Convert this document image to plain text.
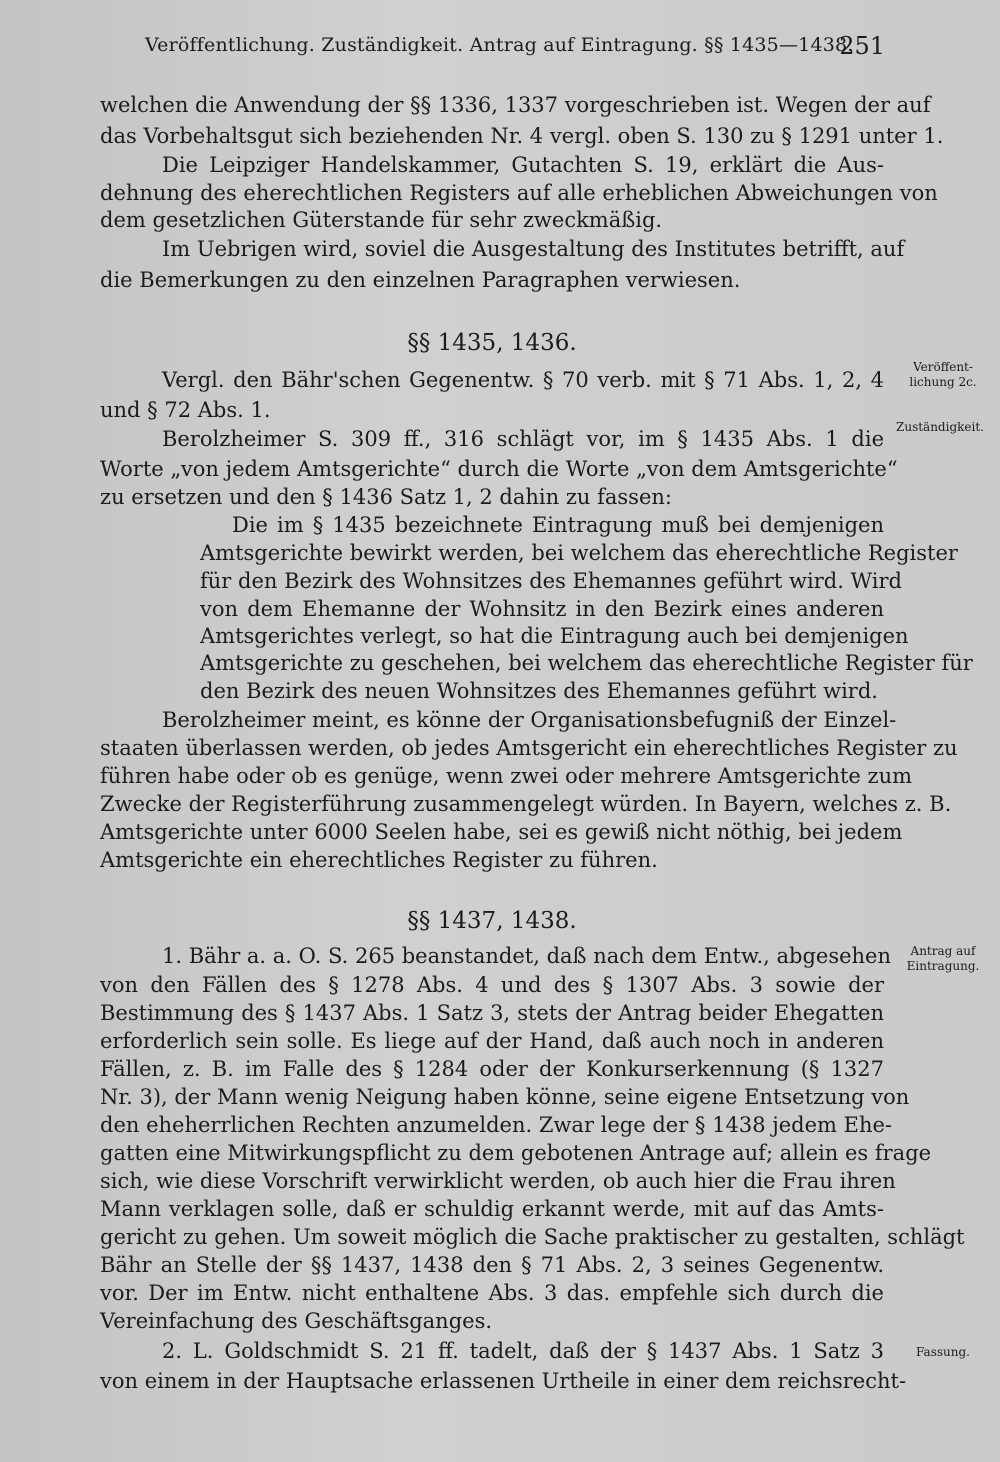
Veröffentlichung. Zuständigkeit. Antrag auf Eintragung. §§ 1435—1438.
251
welchen die Anwendung der §§ 1336, 1337 vorgeschrieben ist. Wegen der auf
das Vorbehaltsgut sich beziehenden Nr. 4 vergl. oben S. 130 zu § 1291 unter 1.
Die Leipziger Handelskammer, Gutachten S. 19, erklärt die Aus-
dehnung des eherechtlichen Registers auf alle erheblichen Abweichungen von
dem gesetzlichen Güterstande für sehr zweckmäßig.
Im Uebrigen wird, soviel die Ausgestaltung des Institutes betrifft, auf
die Bemerkungen zu den einzelnen Paragraphen verwiesen.
§§ 1435, 1436.
Vergl. den Bähr'schen Gegenentw. § 70 verb. mit § 71 Abs. 1, 2, 4
und § 72 Abs. 1.
Berolzheimer S. 309 ff., 316 schlägt vor, im § 1435 Abs. 1 die
Worte „von jedem Amtsgerichte“ durch die Worte „von dem Amtsgerichte“
zu ersetzen und den § 1436 Satz 1, 2 dahin zu fassen:
Die im § 1435 bezeichnete Eintragung muß bei demjenigen
Amtsgerichte bewirkt werden, bei welchem das eherechtliche Register
für den Bezirk des Wohnsitzes des Ehemannes geführt wird. Wird
von dem Ehemanne der Wohnsitz in den Bezirk eines anderen
Amtsgerichtes verlegt, so hat die Eintragung auch bei demjenigen
Amtsgerichte zu geschehen, bei welchem das eherechtliche Register für
den Bezirk des neuen Wohnsitzes des Ehemannes geführt wird.
Berolzheimer meint, es könne der Organisationsbefugniß der Einzel-
staaten überlassen werden, ob jedes Amtsgericht ein eherechtliches Register zu
führen habe oder ob es genüge, wenn zwei oder mehrere Amtsgerichte zum
Zwecke der Registerführung zusammengelegt würden. In Bayern, welches z. B.
Amtsgerichte unter 6000 Seelen habe, sei es gewiß nicht nöthig, bei jedem
Amtsgerichte ein eherechtliches Register zu führen.
§§ 1437, 1438.
1. Bähr a. a. O. S. 265 beanstandet, daß nach dem Entw., abgesehen
von den Fällen des § 1278 Abs. 4 und des § 1307 Abs. 3 sowie der
Bestimmung des § 1437 Abs. 1 Satz 3, stets der Antrag beider Ehegatten
erforderlich sein solle. Es liege auf der Hand, daß auch noch in anderen
Fällen, z. B. im Falle des § 1284 oder der Konkurserkennung (§ 1327
Nr. 3), der Mann wenig Neigung haben könne, seine eigene Entsetzung von
den eheherrlichen Rechten anzumelden. Zwar lege der § 1438 jedem Ehe-
gatten eine Mitwirkungspflicht zu dem gebotenen Antrage auf; allein es frage
sich, wie diese Vorschrift verwirklicht werden, ob auch hier die Frau ihren
Mann verklagen solle, daß er schuldig erkannt werde, mit auf das Amts-
gericht zu gehen. Um soweit möglich die Sache praktischer zu gestalten, schlägt
Bähr an Stelle der §§ 1437, 1438 den § 71 Abs. 2, 3 seines Gegenentw.
vor. Der im Entw. nicht enthaltene Abs. 3 das. empfehle sich durch die
Vereinfachung des Geschäftsganges.
2. L. Goldschmidt S. 21 ff. tadelt, daß der § 1437 Abs. 1 Satz 3
von einem in der Hauptsache erlassenen Urtheile in einer dem reichsrecht-
Veröffent-
lichung 2c.
Zuständigkeit.
Antrag auf
Eintragung.
Fassung.
